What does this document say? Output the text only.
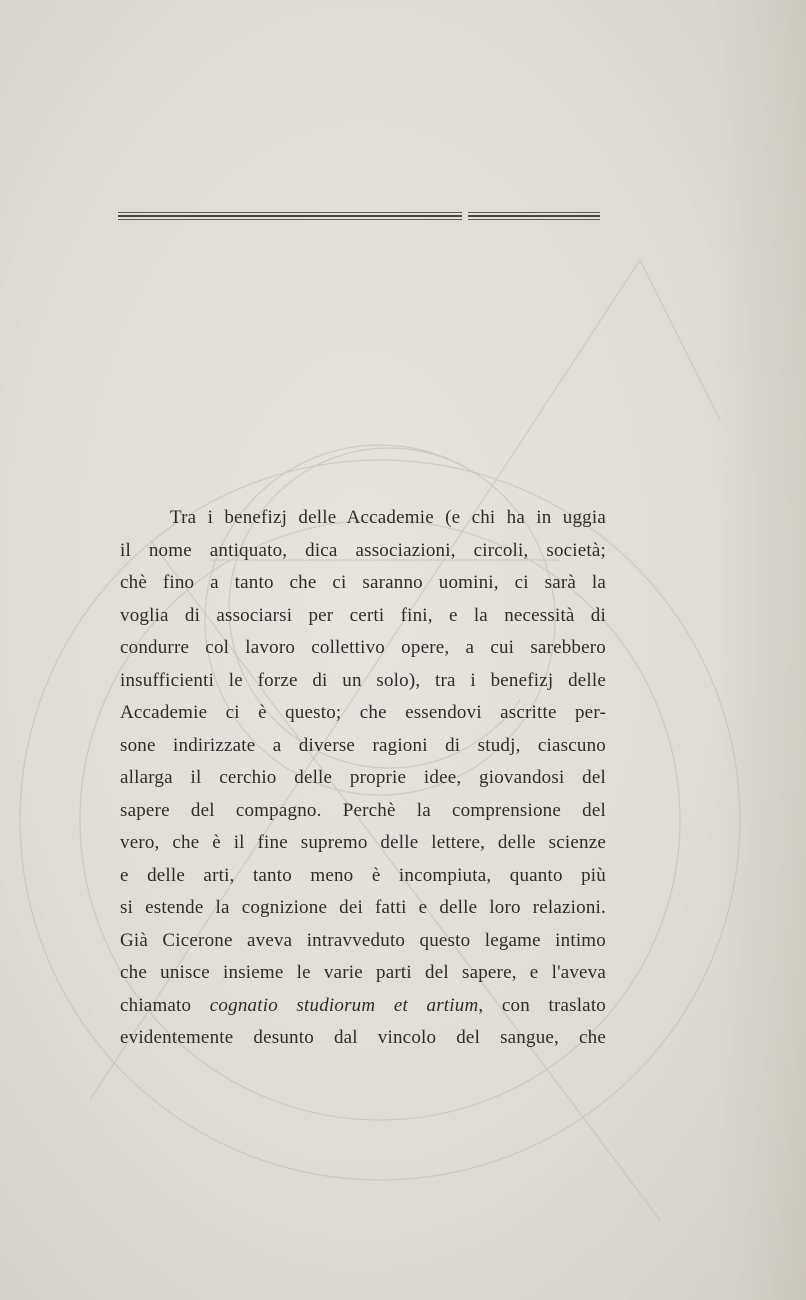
Tra i benefizj delle Accademie (e chi ha in uggia
il nome antiquato, dica associazioni, circoli, società;
chè fino a tanto che ci saranno uomini, ci sarà la
voglia di associarsi per certi fini, e la necessità di
condurre col lavoro collettivo opere, a cui sarebbero
insufficienti le forze di un solo), tra i benefizj delle
Accademie ci è questo; che essendovi ascritte per-
sone indirizzate a diverse ragioni di studj, ciascuno
allarga il cerchio delle proprie idee, giovandosi del
sapere del compagno. Perchè la comprensione del
vero, che è il fine supremo delle lettere, delle scienze
e delle arti, tanto meno è incompiuta, quanto più
si estende la cognizione dei fatti e delle loro relazioni.
Già Cicerone aveva intravveduto questo legame intimo
che unisce insieme le varie parti del sapere, e l'aveva
chiamato cognatio studiorum et artium, con traslato
evidentemente desunto dal vincolo del sangue, che
